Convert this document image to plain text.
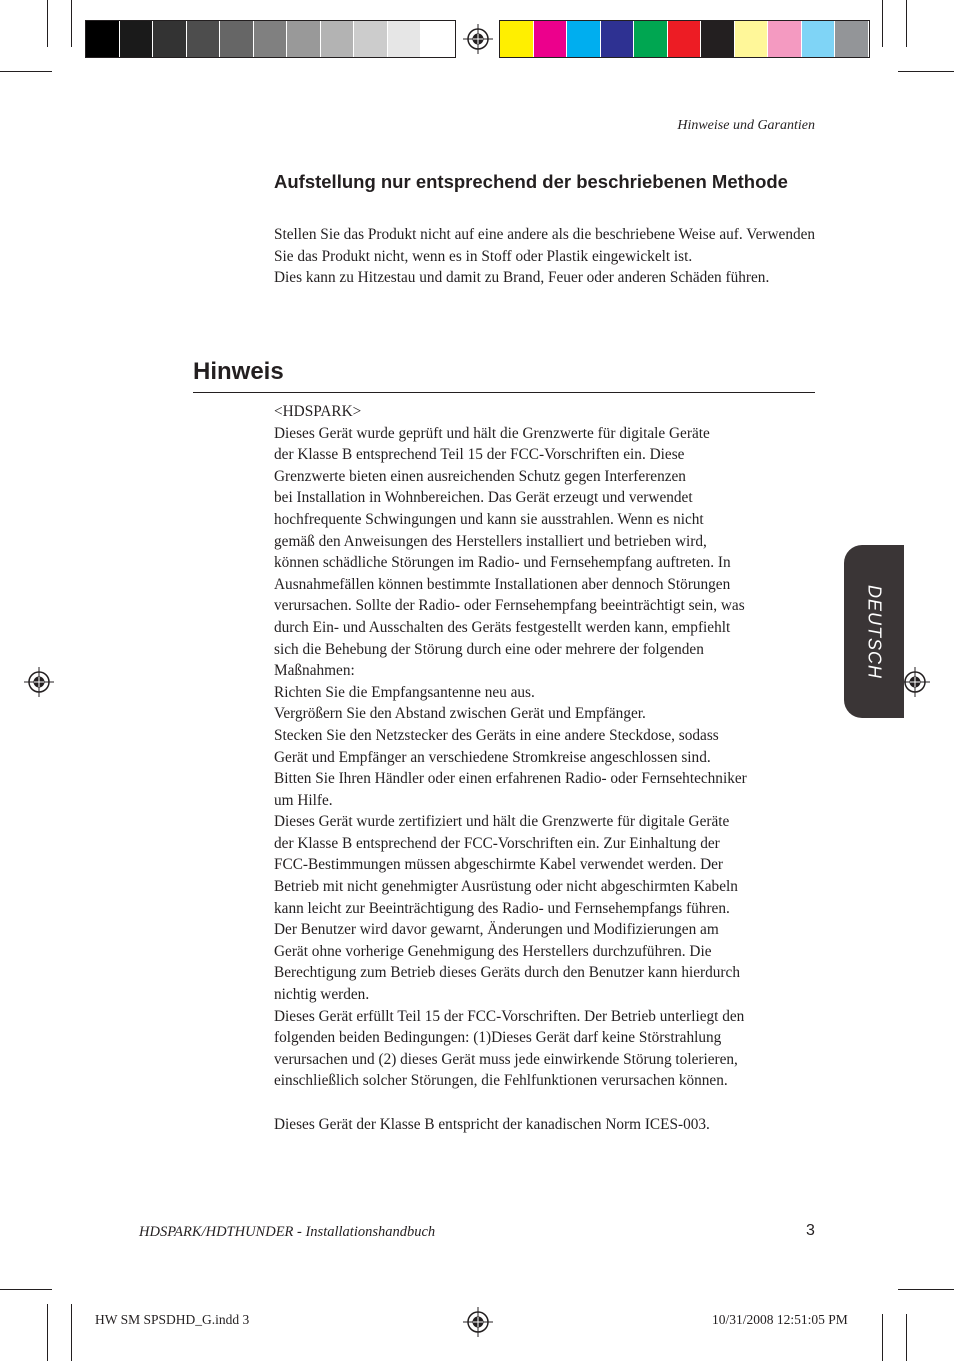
Hinweise und Garantien
Aufstellung nur entsprechend der beschriebenen Methode

Stellen Sie das Produkt nicht auf eine andere als die beschriebene Weise auf. Verwenden Sie das Produkt nicht, wenn es in Stoff oder Plastik eingewickelt ist.

Dies kann zu Hitzestau und damit zu Brand, Feuer oder anderen Schäden führen.

Hinweis
<HDSPARK>
Dieses Gerät wurde geprüft und hält die Grenzwerte für digitale Geräte
der Klasse B entsprechend Teil 15 der FCC-Vorschriften ein. Diese
Grenzwerte bieten einen ausreichenden Schutz gegen Interferenzen
bei Installation in Wohnbereichen. Das Gerät erzeugt und verwendet
hochfrequente Schwingungen und kann sie ausstrahlen. Wenn es nicht
gemäß den Anweisungen des Herstellers installiert und betrieben wird,
können schädliche Störungen im Radio- und Fernsehempfang auftreten. In
Ausnahmefällen können bestimmte Installationen aber dennoch Störungen
verursachen. Sollte der Radio- oder Fernsehempfang beeinträchtigt sein, was
durch Ein- und Ausschalten des Geräts festgestellt werden kann, empfiehlt
sich die Behebung der Störung durch eine oder mehrere der folgenden
Maßnahmen:
Richten Sie die Empfangsantenne neu aus.
Vergrößern Sie den Abstand zwischen Gerät und Empfänger.
Stecken Sie den Netzstecker des Geräts in eine andere Steckdose, sodass
Gerät und Empfänger an verschiedene Stromkreise angeschlossen sind.
Bitten Sie Ihren Händler oder einen erfahrenen Radio- oder Fernsehtechniker
um Hilfe.
Dieses Gerät wurde zertifiziert und hält die Grenzwerte für digitale Geräte
der Klasse B entsprechend der FCC-Vorschriften ein. Zur Einhaltung der
FCC-Bestimmungen müssen abgeschirmte Kabel verwendet werden. Der
Betrieb mit nicht genehmigter Ausrüstung oder nicht abgeschirmten Kabeln
kann leicht zur Beeinträchtigung des Radio- und Fernsehempfangs führen.
Der Benutzer wird davor gewarnt, Änderungen und Modifizierungen am
Gerät ohne vorherige Genehmigung des Herstellers durchzuführen. Die
Berechtigung zum Betrieb dieses Geräts durch den Benutzer kann hierdurch
nichtig werden.
Dieses Gerät erfüllt Teil 15 der FCC-Vorschriften. Der Betrieb unterliegt den
folgenden beiden Bedingungen: (1)Dieses Gerät darf keine Störstrahlung
verursachen und (2) dieses Gerät muss jede einwirkende Störung tolerieren,
einschließlich solcher Störungen, die Fehlfunktionen verursachen können.
Dieses Gerät der Klasse B entspricht der kanadischen Norm ICES-003.
DEUTSCH
HDSPARK/HDTHUNDER - Installationshandbuch	3
HW SM SPSDHD_G.indd 3	10/31/2008 12:51:05 PM
